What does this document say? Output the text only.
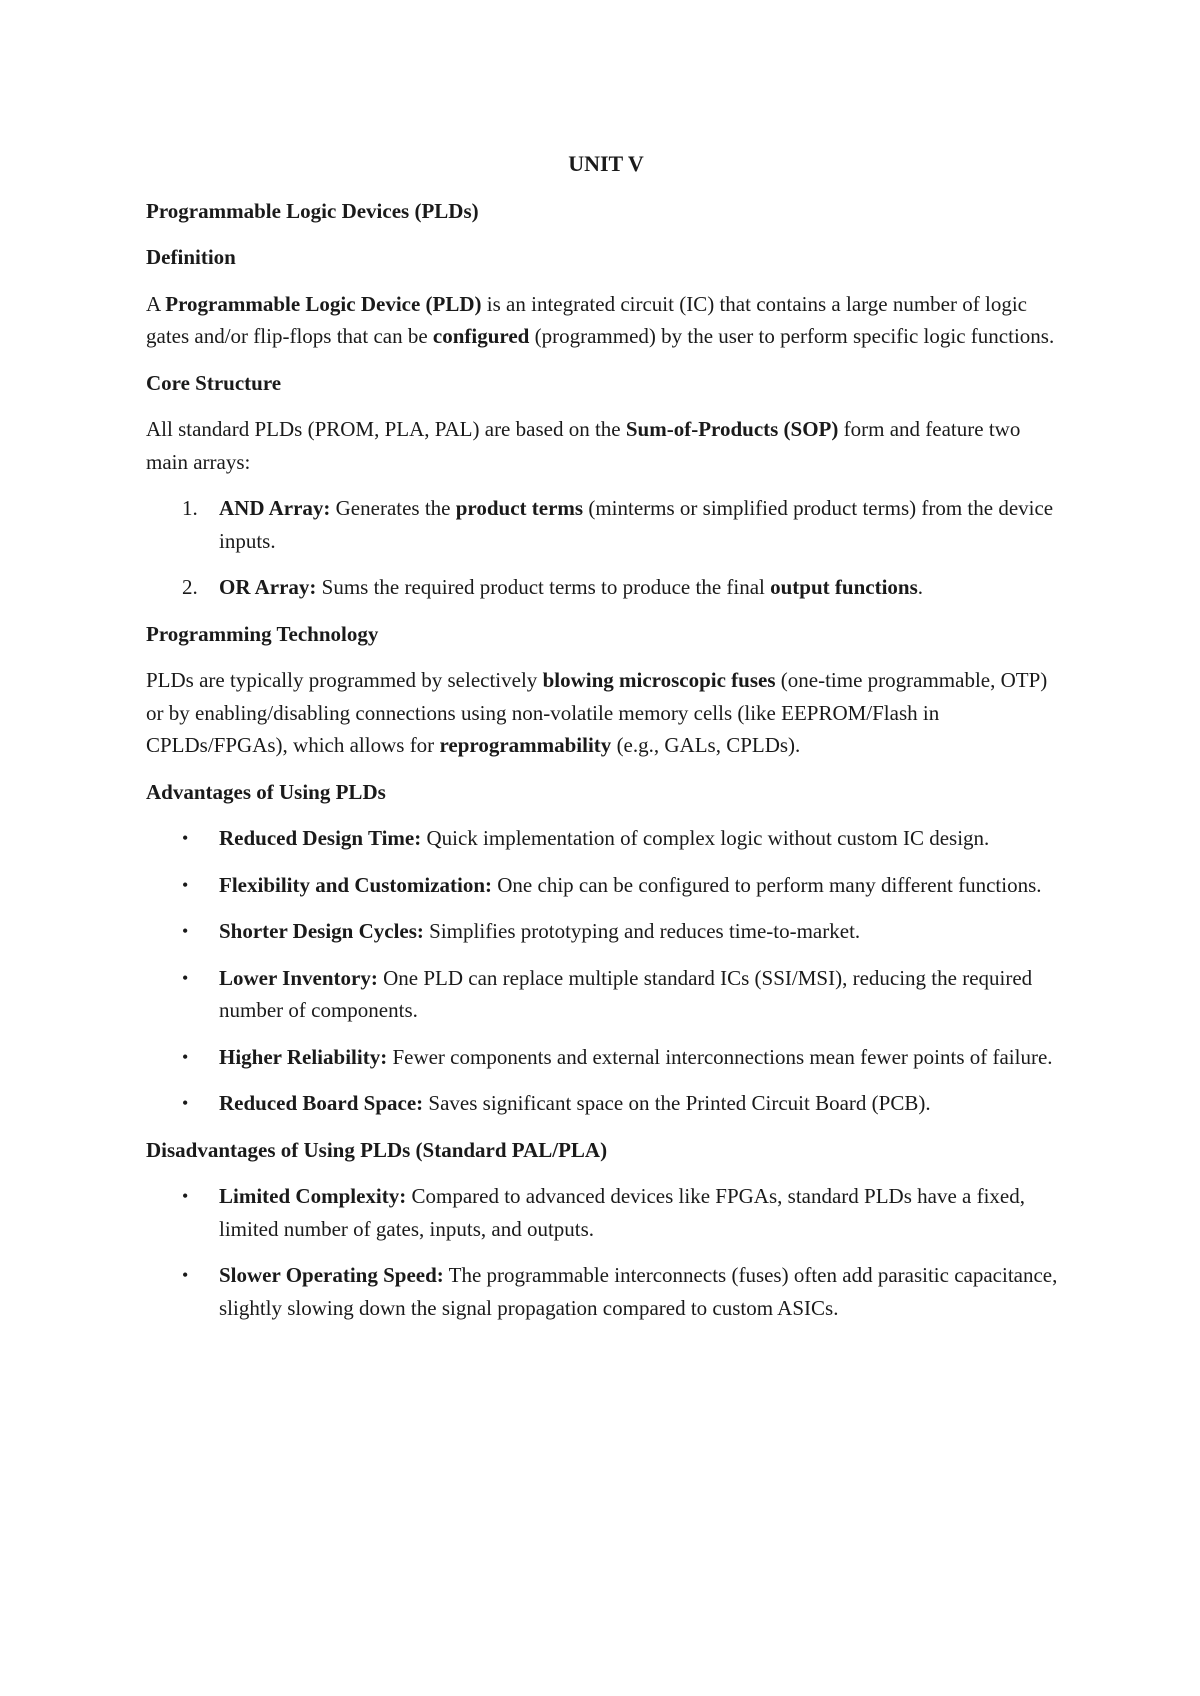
UNIT V
Programmable Logic Devices (PLDs)
Definition

A Programmable Logic Device (PLD) is an integrated circuit (IC) that contains a large number of logic gates and/or flip-flops that can be configured (programmed) by the user to perform specific logic functions.

Core Structure

All standard PLDs (PROM, PLA, PAL) are based on the Sum-of-Products (SOP) form and feature two main arrays:

1. AND Array: Generates the product terms (minterms or simplified product terms) from the device inputs.
2. OR Array: Sums the required product terms to produce the final output functions.
Programming Technology

PLDs are typically programmed by selectively blowing microscopic fuses (one-time programmable, OTP) or by enabling/disabling connections using non-volatile memory cells (like EEPROM/Flash in CPLDs/FPGAs), which allows for reprogrammability (e.g., GALs, CPLDs).

Advantages of Using PLDs
• Reduced Design Time: Quick implementation of complex logic without custom IC design.
• Flexibility and Customization: One chip can be configured to perform many different functions.
• Shorter Design Cycles: Simplifies prototyping and reduces time-to-market.
• Lower Inventory: One PLD can replace multiple standard ICs (SSI/MSI), reducing the required number of components.
• Higher Reliability: Fewer components and external interconnections mean fewer points of failure.
• Reduced Board Space: Saves significant space on the Printed Circuit Board (PCB).
Disadvantages of Using PLDs (Standard PAL/PLA)
• Limited Complexity: Compared to advanced devices like FPGAs, standard PLDs have a fixed, limited number of gates, inputs, and outputs.
• Slower Operating Speed: The programmable interconnects (fuses) often add parasitic capacitance, slightly slowing down the signal propagation compared to custom ASICs.
